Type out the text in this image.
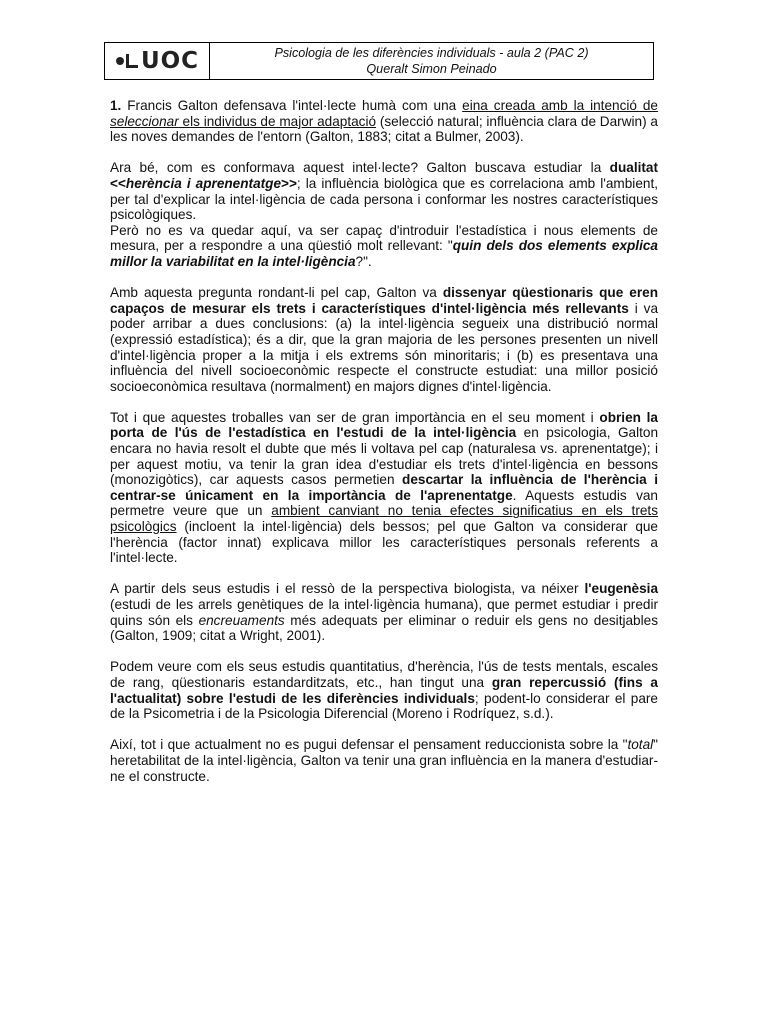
UOC	Psicologia de les diferències individuals - aula 2 (PAC 2)
Queralt Simon Peinado

1. Francis Galton defensava l'intel·lecte humà com una eina creada amb la intenció de seleccionar els individus de major adaptació (selecció natural; influència clara de Darwin) a les noves demandes de l'entorn (Galton, 1883; citat a Bulmer, 2003).

Ara bé, com es conformava aquest intel·lecte? Galton buscava estudiar la dualitat <<herència i aprenentatge>>; la influència biològica que es correlaciona amb l'ambient, per tal d'explicar la intel·ligència de cada persona i conformar les nostres característiques psicològiques.

Però no es va quedar aquí, va ser capaç d'introduir l'estadística i nous elements de mesura, per a respondre a una qüestió molt rellevant: "quin dels dos elements explica millor la variabilitat en la intel·ligència?".

Amb aquesta pregunta rondant-li pel cap, Galton va dissenyar qüestionaris que eren capaços de mesurar els trets i característiques d'intel·ligència més rellevants i va poder arribar a dues conclusions: (a) la intel·ligència segueix una distribució normal (expressió estadística); és a dir, que la gran majoria de les persones presenten un nivell d'intel·ligència proper a la mitja i els extrems són minoritaris; i (b) es presentava una influència del nivell socioeconòmic respecte el constructe estudiat: una millor posició socioeconòmica resultava (normalment) en majors dignes d'intel·ligència.

Tot i que aquestes troballes van ser de gran importància en el seu moment i obrien la porta de l'ús de l'estadística en l'estudi de la intel·ligència en psicologia, Galton encara no havia resolt el dubte que més li voltava pel cap (naturalesa vs. aprenentatge); i per aquest motiu, va tenir la gran idea d'estudiar els trets d'intel·ligència en bessons (monozigòtics), car aquests casos permetien descartar la influència de l'herència i centrar-se únicament en la importància de l'aprenentatge. Aquests estudis van permetre veure que un ambient canviant no tenia efectes significatius en els trets psicològics (incloent la intel·ligència) dels bessos; pel que Galton va considerar que l'herència (factor innat) explicava millor les característiques personals referents a l'intel·lecte.

A partir dels seus estudis i el ressò de la perspectiva biologista, va néixer l'eugenèsia (estudi de les arrels genètiques de la intel·ligència humana), que permet estudiar i predir quins són els encreuaments més adequats per eliminar o reduir els gens no desitjables (Galton, 1909; citat a Wright, 2001).

Podem veure com els seus estudis quantitatius, d'herència, l'ús de tests mentals, escales de rang, qüestionaris estandarditzats, etc., han tingut una gran repercussió (fins a l'actualitat) sobre l'estudi de les diferències individuals; podent-lo considerar el pare de la Psicometria i de la Psicologia Diferencial (Moreno i Rodríquez, s.d.).

Així, tot i que actualment no es pugui defensar el pensament reduccionista sobre la "total" heretabilitat de la intel·ligència, Galton va tenir una gran influència en la manera d'estudiar-ne el constructe.
